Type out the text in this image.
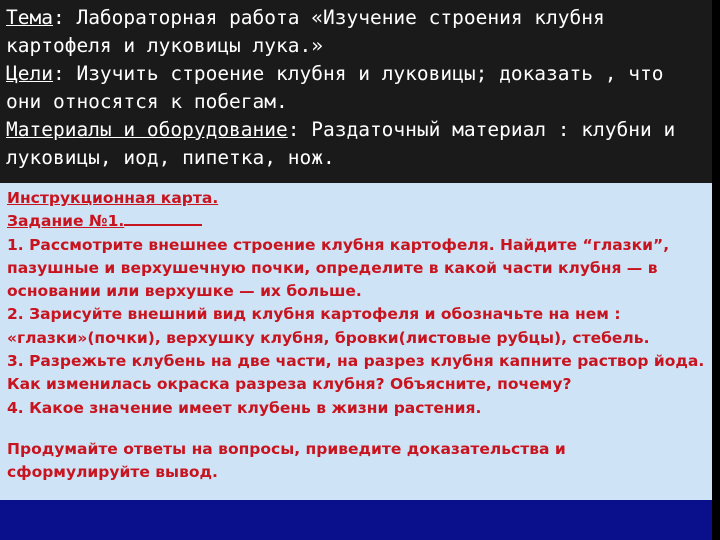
Тема: Лабораторная работа «Изучение строения клубня картофеля и луковицы лука.»

Цели: Изучить строение клубня и луковицы; доказать , что они относятся к побегам.

Материалы и оборудование: Раздаточный материал : клубни и луковицы, иод, пипетка, нож.

Инструкционная карта.

Задание №1.

1. Рассмотрите внешнее строение клубня картофеля. Найдите “глазки”, пазушные и верхушечную почки, определите в какой части клубня — в основании или верхушке — их больше.

2. Зарисуйте внешний вид клубня картофеля и обозначьте на нем : «глазки»(почки), верхушку клубня, бровки(листовые рубцы), стебель.

3. Разрежьте клубень на две части, на разрез клубня капните раствор йода. Как изменилась окраска разреза клубня? Объясните, почему?

4. Какое значение имеет клубень в жизни растения.

Продумайте ответы на вопросы, приведите доказательства и сформулируйте вывод.
